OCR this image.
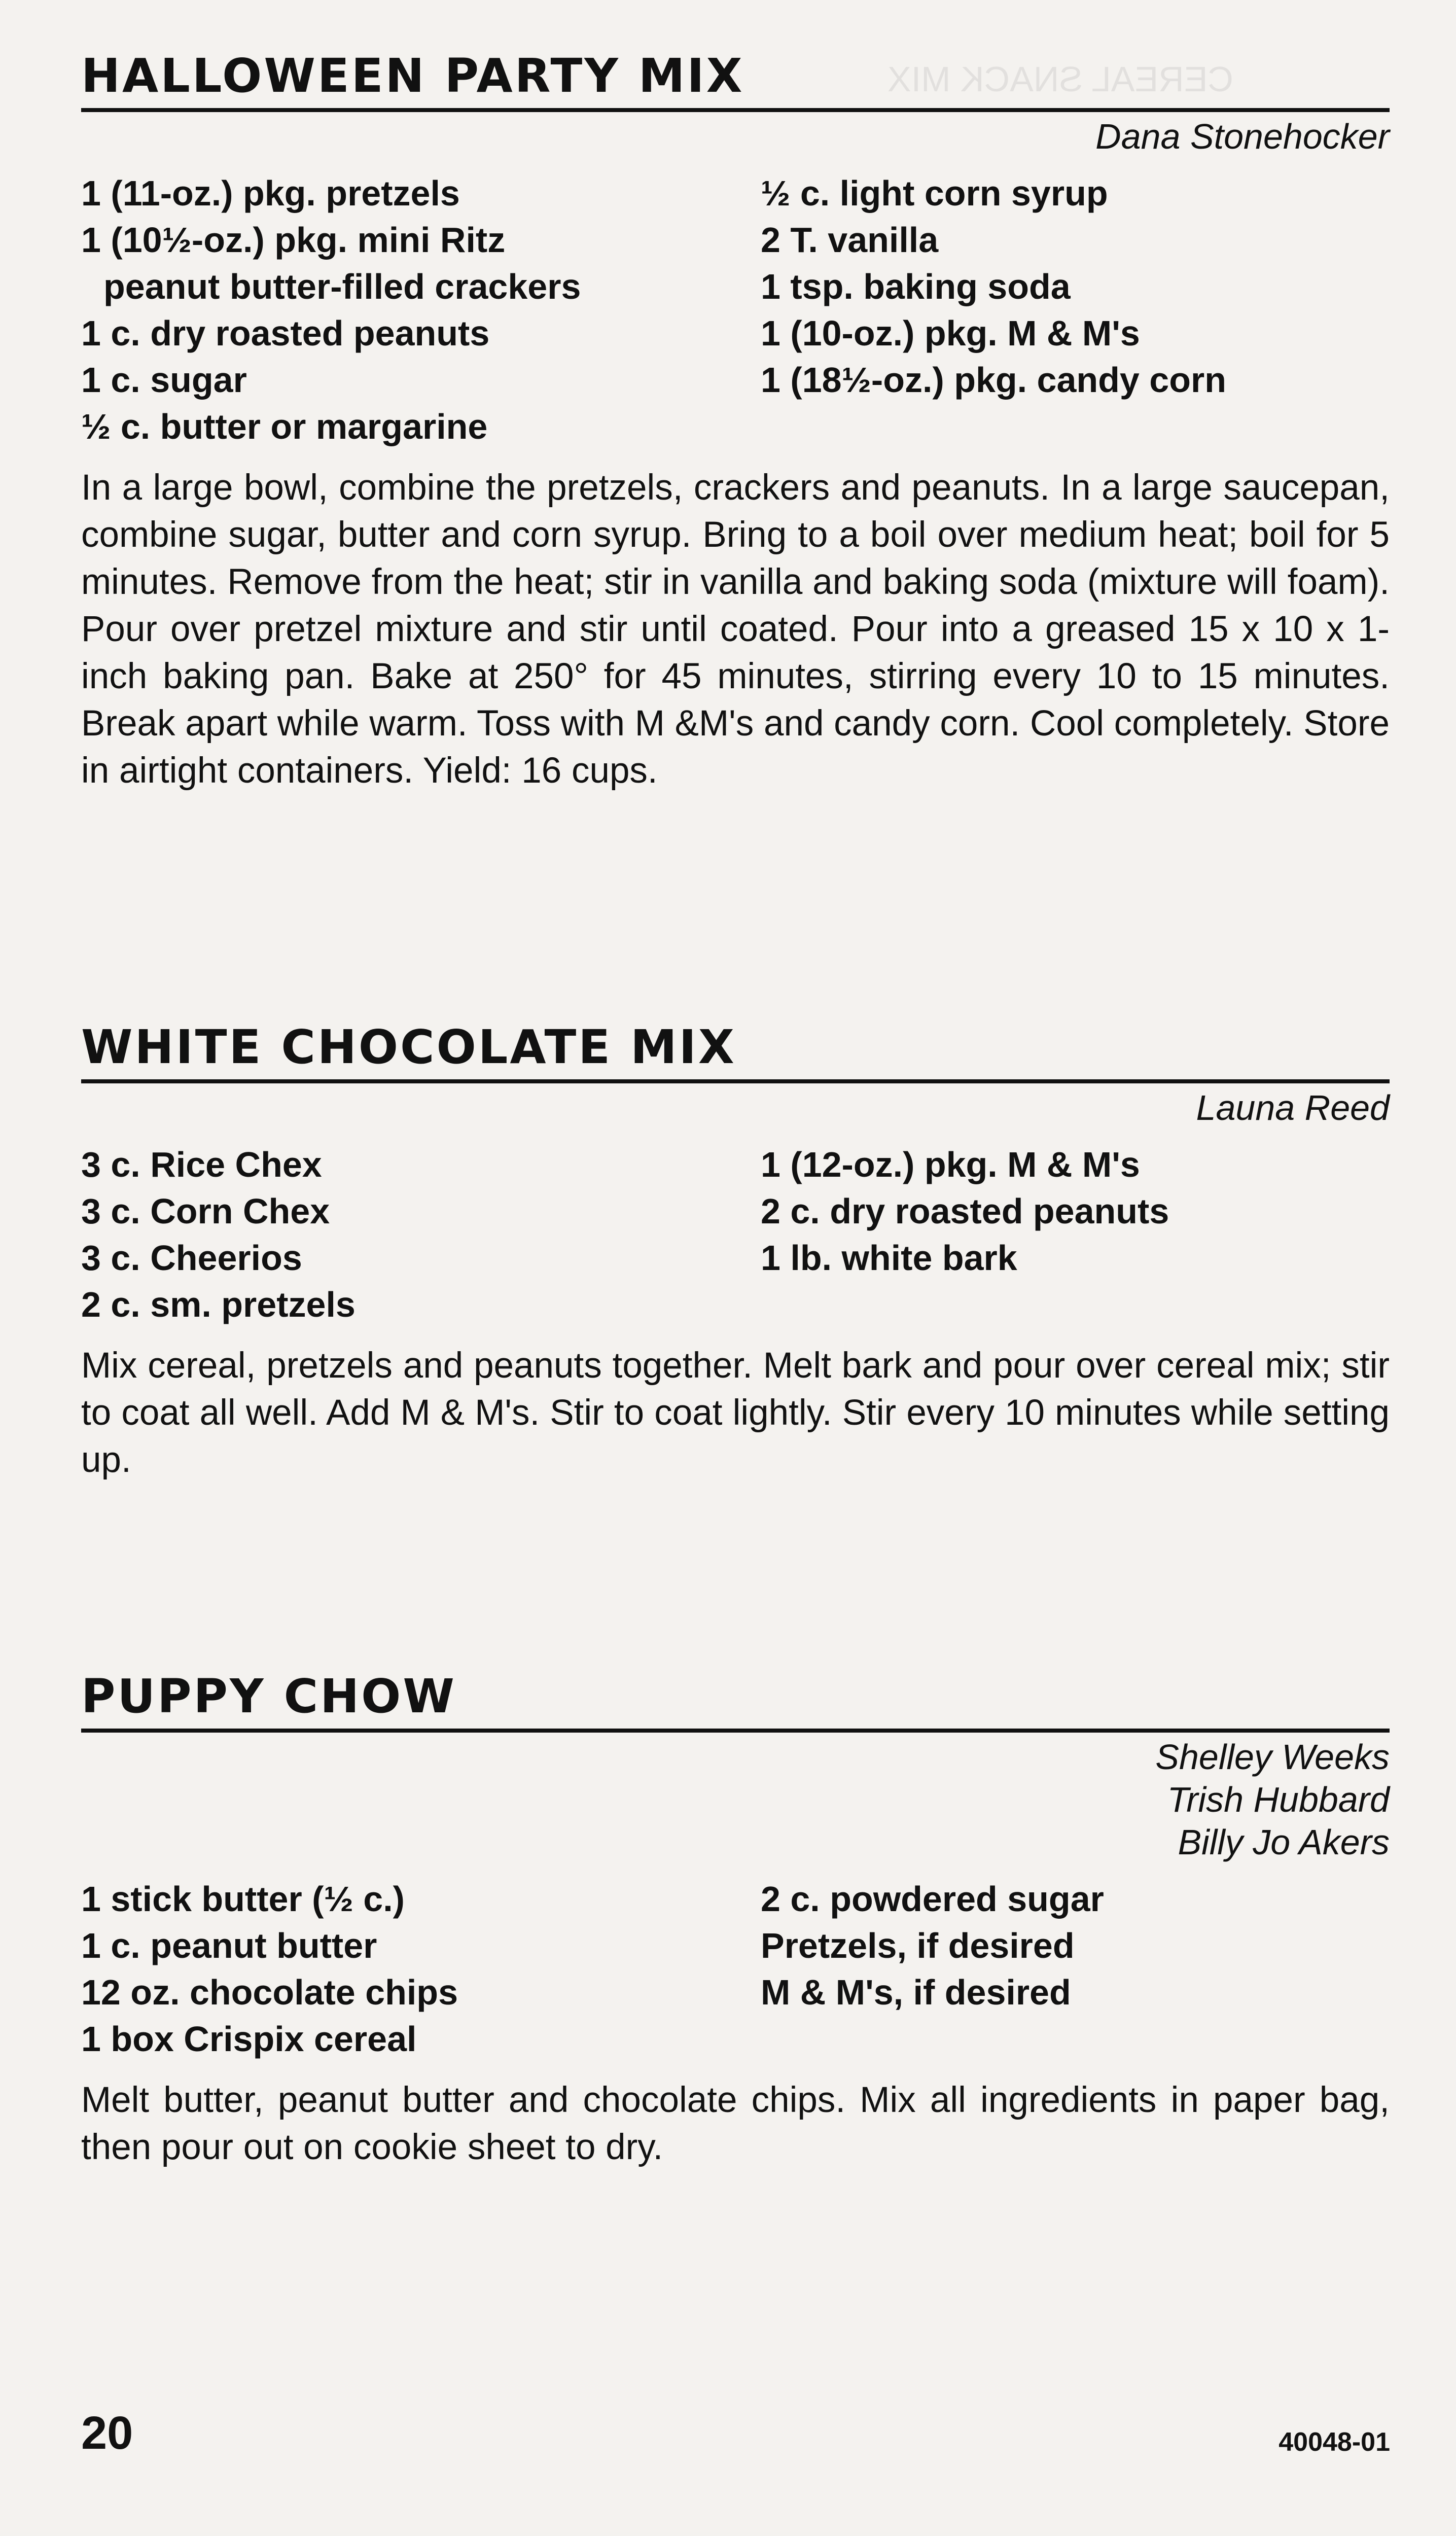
CEREAL SNACK MIX
HALLOWEEN PARTY MIX
Dana Stonehocker
1 (11-oz.) pkg. pretzels
1 (10½-oz.) pkg. mini Ritz
peanut butter-filled crackers
1 c. dry roasted peanuts
1 c. sugar
½ c. butter or margarine
½ c. light corn syrup
2 T. vanilla
1 tsp. baking soda
1 (10-oz.) pkg. M & M's
1 (18½-oz.) pkg. candy corn

In a large bowl, combine the pretzels, crackers and peanuts. In a large saucepan, combine sugar, butter and corn syrup. Bring to a boil over medium heat; boil for 5 minutes. Remove from the heat; stir in vanilla and baking soda (mixture will foam). Pour over pretzel mixture and stir until coated. Pour into a greased 15 x 10 x 1-inch baking pan. Bake at 250° for 45 minutes, stirring every 10 to 15 minutes. Break apart while warm. Toss with M &M's and candy corn. Cool completely. Store in airtight containers. Yield: 16 cups.

WHITE CHOCOLATE MIX
Launa Reed
3 c. Rice Chex
3 c. Corn Chex
3 c. Cheerios
2 c. sm. pretzels
1 (12-oz.) pkg. M & M's
2 c. dry roasted peanuts
1 lb. white bark

Mix cereal, pretzels and peanuts together. Melt bark and pour over cereal mix; stir to coat all well. Add M & M's. Stir to coat lightly. Stir every 10 minutes while setting up.

PUPPY CHOW
Shelley Weeks
Trish Hubbard
Billy Jo Akers
1 stick butter (½ c.)
1 c. peanut butter
12 oz. chocolate chips
1 box Crispix cereal
2 c. powdered sugar
Pretzels, if desired
M & M's, if desired

Melt butter, peanut butter and chocolate chips. Mix all ingredients in paper bag, then pour out on cookie sheet to dry.

20	40048-01
